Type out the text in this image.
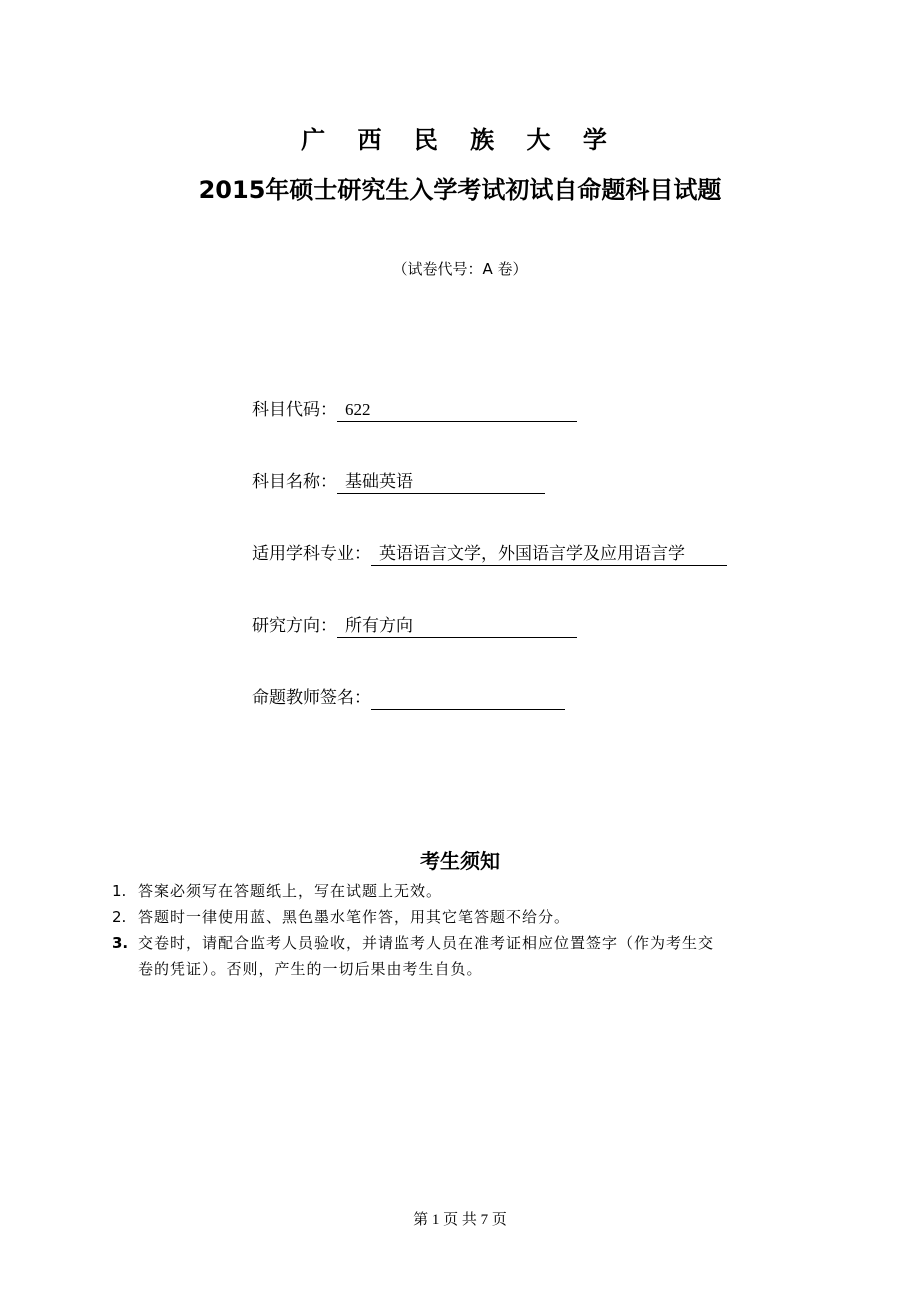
广 西 民 族 大 学
2015年硕士研究生入学考试初试自命题科目试题
（试卷代号：A 卷）
科目代码： 622
科目名称： 基础英语
适用学科专业： 英语语言文学，外国语言学及应用语言学
研究方向： 所有方向
命题教师签名：
考生须知
1. 答案必须写在答题纸上，写在试题上无效。
2. 答题时一律使用蓝、黑色墨水笔作答，用其它笔答题不给分。
3. 交卷时，请配合监考人员验收，并请监考人员在准考证相应位置签字（作为考生交
卷的凭证）。否则，产生的一切后果由考生自负。
第 1 页 共 7 页
